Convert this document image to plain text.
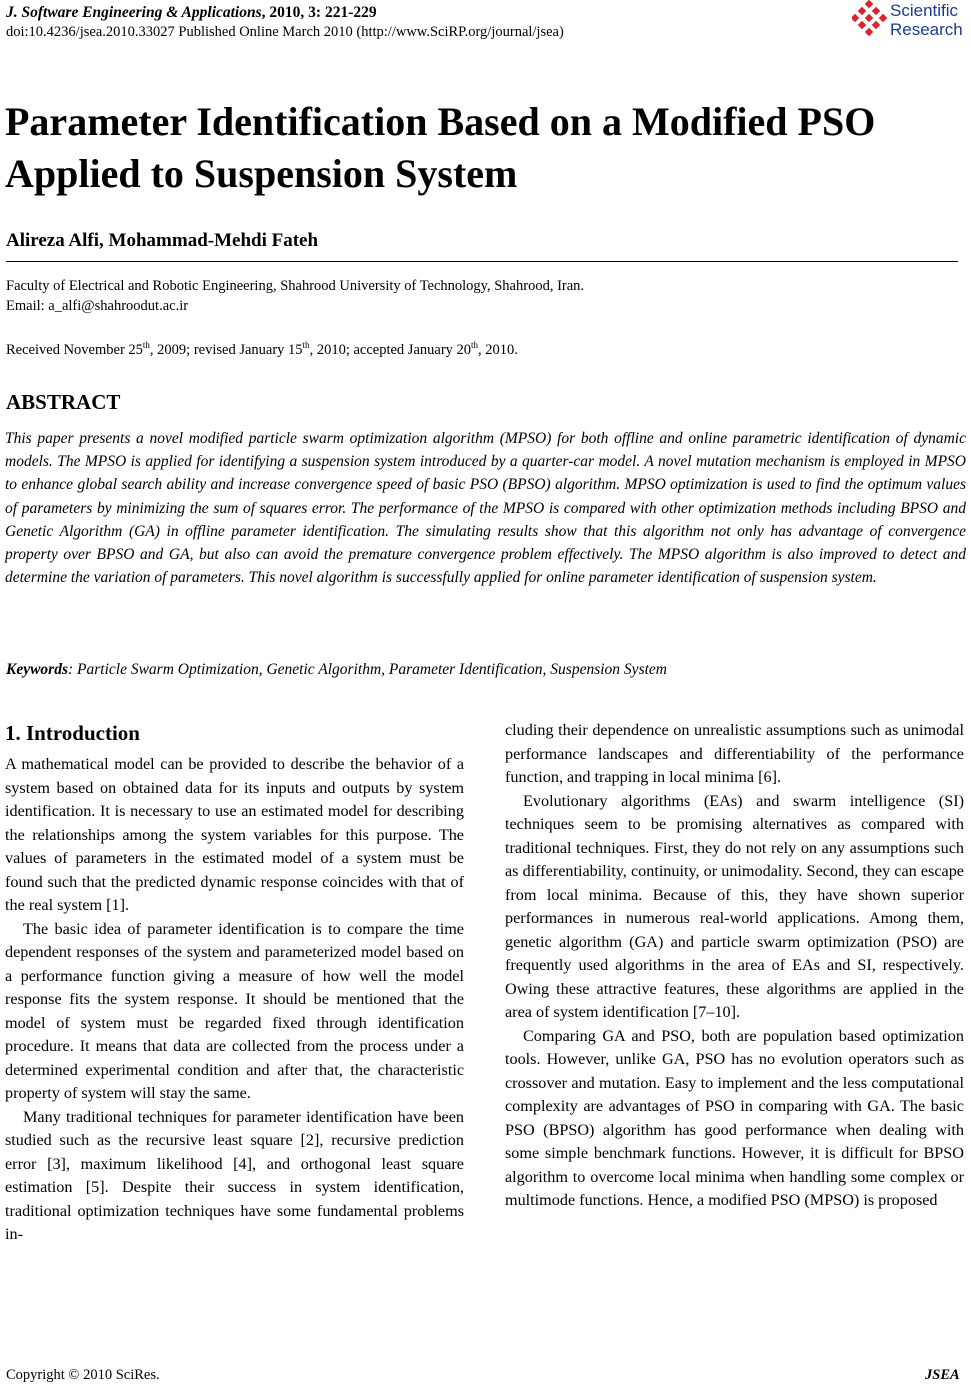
J. Software Engineering & Applications, 2010, 3: 221-229
doi:10.4236/jsea.2010.33027 Published Online March 2010 (http://www.SciRP.org/journal/jsea)
Scientific
Research
Parameter Identification Based on a Modified PSO Applied to Suspension System
Alireza Alfi, Mohammad-Mehdi Fateh
Faculty of Electrical and Robotic Engineering, Shahrood University of Technology, Shahrood, Iran.
Email: a_alfi@shahroodut.ac.ir
Received November 25th, 2009; revised January 15th, 2010; accepted January 20th, 2010.
ABSTRACT

This paper presents a novel modified particle swarm optimization algorithm (MPSO) for both offline and online parametric identification of dynamic models. The MPSO is applied for identifying a suspension system introduced by a quarter-car model. A novel mutation mechanism is employed in MPSO to enhance global search ability and increase convergence speed of basic PSO (BPSO) algorithm. MPSO optimization is used to find the optimum values of parameters by minimizing the sum of squares error. The performance of the MPSO is compared with other optimization methods including BPSO and Genetic Algorithm (GA) in offline parameter identification. The simulating results show that this algorithm not only has advantage of convergence property over BPSO and GA, but also can avoid the premature convergence problem effectively. The MPSO algorithm is also improved to detect and determine the variation of parameters. This novel algorithm is successfully applied for online parameter identification of suspension system.

Keywords: Particle Swarm Optimization, Genetic Algorithm, Parameter Identification, Suspension System
1. Introduction

A mathematical model can be provided to describe the behavior of a system based on obtained data for its inputs and outputs by system identification. It is necessary to use an estimated model for describing the relationships among the system variables for this purpose. The values of parameters in the estimated model of a system must be found such that the predicted dynamic response coincides with that of the real system [1].

The basic idea of parameter identification is to compare the time dependent responses of the system and parameterized model based on a performance function giving a measure of how well the model response fits the system response. It should be mentioned that the model of system must be regarded fixed through identification procedure. It means that data are collected from the process under a determined experimental condition and after that, the characteristic property of system will stay the same.

Many traditional techniques for parameter identification have been studied such as the recursive least square [2], recursive prediction error [3], maximum likelihood [4], and orthogonal least square estimation [5]. Despite their success in system identification, traditional optimization techniques have some fundamental problems in-

cluding their dependence on unrealistic assumptions such as unimodal performance landscapes and differentiability of the performance function, and trapping in local minima [6].

Evolutionary algorithms (EAs) and swarm intelligence (SI) techniques seem to be promising alternatives as compared with traditional techniques. First, they do not rely on any assumptions such as differentiability, continuity, or unimodality. Second, they can escape from local minima. Because of this, they have shown superior performances in numerous real-world applications. Among them, genetic algorithm (GA) and particle swarm optimization (PSO) are frequently used algorithms in the area of EAs and SI, respectively. Owing these attractive features, these algorithms are applied in the area of system identification [7–10].

Comparing GA and PSO, both are population based optimization tools. However, unlike GA, PSO has no evolution operators such as crossover and mutation. Easy to implement and the less computational complexity are advantages of PSO in comparing with GA. The basic PSO (BPSO) algorithm has good performance when dealing with some simple benchmark functions. However, it is difficult for BPSO algorithm to overcome local minima when handling some complex or multimode functions. Hence, a modified PSO (MPSO) is proposed

Copyright © 2010 SciRes.	JSEA
